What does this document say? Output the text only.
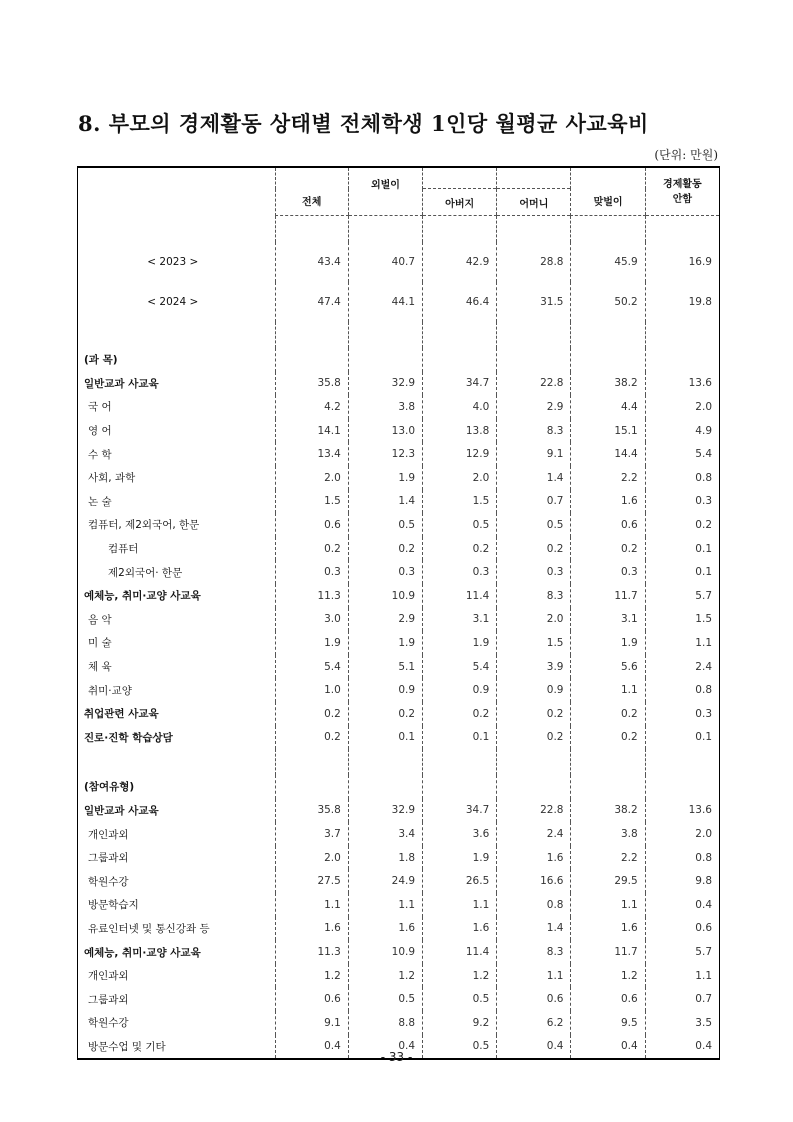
8. 부모의 경제활동 상태별 전체학생 1인당 월평균 사교육비
(단위: 만원)
	전체				맞벌이	경제활동
안함
		외벌이	아버지	어머니		

< 2023 >	43.4	40.7	42.9	28.8	45.9	16.9
< 2024 >	47.4	44.1	46.4	31.5	50.2	19.8

(과 목)						
일반교과 사교육	35.8	32.9	34.7	22.8	38.2	13.6
국 어	4.2	3.8	4.0	2.9	4.4	2.0
영 어	14.1	13.0	13.8	8.3	15.1	4.9
수 학	13.4	12.3	12.9	9.1	14.4	5.4
사회, 과학	2.0	1.9	2.0	1.4	2.2	0.8
논 술	1.5	1.4	1.5	0.7	1.6	0.3
컴퓨터, 제2외국어, 한문	0.6	0.5	0.5	0.5	0.6	0.2
컴퓨터	0.2	0.2	0.2	0.2	0.2	0.1
제2외국어· 한문	0.3	0.3	0.3	0.3	0.3	0.1
예체능, 취미·교양 사교육	11.3	10.9	11.4	8.3	11.7	5.7
음 악	3.0	2.9	3.1	2.0	3.1	1.5
미 술	1.9	1.9	1.9	1.5	1.9	1.1
체 육	5.4	5.1	5.4	3.9	5.6	2.4
취미·교양	1.0	0.9	0.9	0.9	1.1	0.8
취업관련 사교육	0.2	0.2	0.2	0.2	0.2	0.3
진로·진학 학습상담	0.2	0.1	0.1	0.2	0.2	0.1

(참여유형)						
일반교과 사교육	35.8	32.9	34.7	22.8	38.2	13.6
개인과외	3.7	3.4	3.6	2.4	3.8	2.0
그룹과외	2.0	1.8	1.9	1.6	2.2	0.8
학원수강	27.5	24.9	26.5	16.6	29.5	9.8
방문학습지	1.1	1.1	1.1	0.8	1.1	0.4
유료인터넷 및 통신강좌 등	1.6	1.6	1.6	1.4	1.6	0.6
예체능, 취미·교양 사교육	11.3	10.9	11.4	8.3	11.7	5.7
개인과외	1.2	1.2	1.2	1.1	1.2	1.1
그룹과외	0.6	0.5	0.5	0.6	0.6	0.7
학원수강	9.1	8.8	9.2	6.2	9.5	3.5
방문수업 및 기타	0.4	0.4	0.5	0.4	0.4	0.4

- 33 -
